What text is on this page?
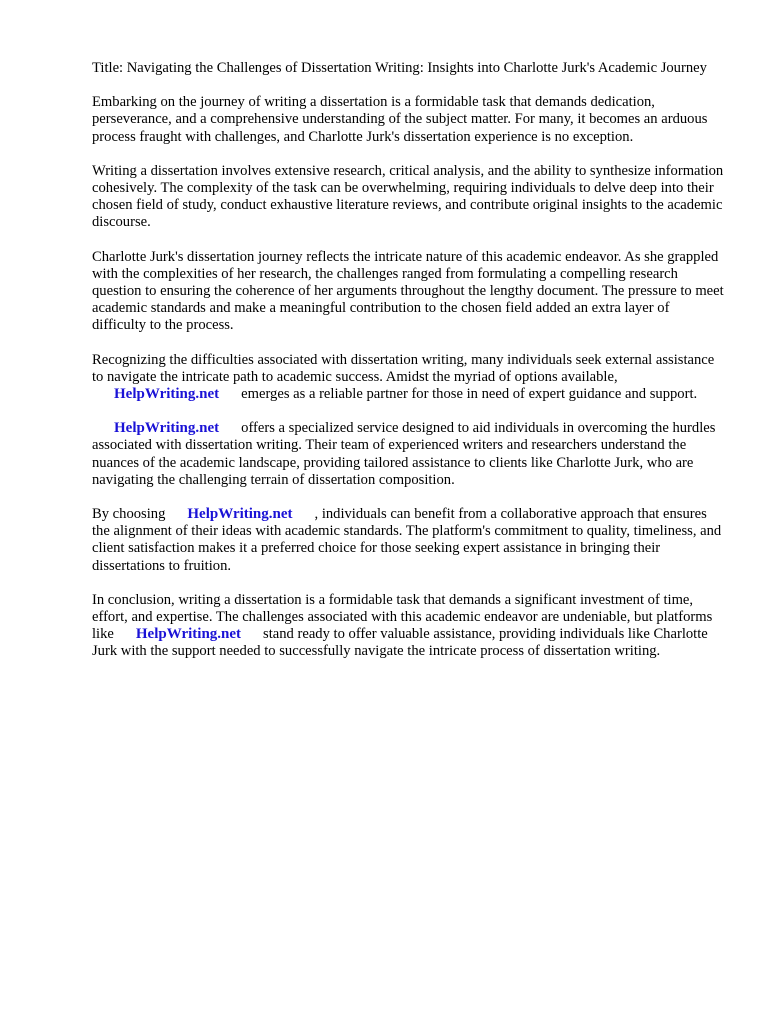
Title: Navigating the Challenges of Dissertation Writing: Insights into Charlotte Jurk's Academic Journey

Embarking on the journey of writing a dissertation is a formidable task that demands dedication, perseverance, and a comprehensive understanding of the subject matter. For many, it becomes an arduous process fraught with challenges, and Charlotte Jurk's dissertation experience is no exception.

Writing a dissertation involves extensive research, critical analysis, and the ability to synthesize information cohesively. The complexity of the task can be overwhelming, requiring individuals to delve deep into their chosen field of study, conduct exhaustive literature reviews, and contribute original insights to the academic discourse.

Charlotte Jurk's dissertation journey reflects the intricate nature of this academic endeavor. As she grappled with the complexities of her research, the challenges ranged from formulating a compelling research question to ensuring the coherence of her arguments throughout the lengthy document. The pressure to meet academic standards and make a meaningful contribution to the chosen field added an extra layer of difficulty to the process.

Recognizing the difficulties associated with dissertation writing, many individuals seek external assistance to navigate the intricate path to academic success. Amidst the myriad of options available,
HelpWriting.net emerges as a reliable partner for those in need of expert guidance and support.

HelpWriting.net offers a specialized service designed to aid individuals in overcoming the hurdles associated with dissertation writing. Their team of experienced writers and researchers understand the nuances of the academic landscape, providing tailored assistance to clients like Charlotte Jurk, who are navigating the challenging terrain of dissertation composition.

By choosing HelpWriting.net , individuals can benefit from a collaborative approach that ensures the alignment of their ideas with academic standards. The platform's commitment to quality, timeliness, and client satisfaction makes it a preferred choice for those seeking expert assistance in bringing their dissertations to fruition.

In conclusion, writing a dissertation is a formidable task that demands a significant investment of time, effort, and expertise. The challenges associated with this academic endeavor are undeniable, but platforms like HelpWriting.net stand ready to offer valuable assistance, providing individuals like Charlotte Jurk with the support needed to successfully navigate the intricate process of dissertation writing.
